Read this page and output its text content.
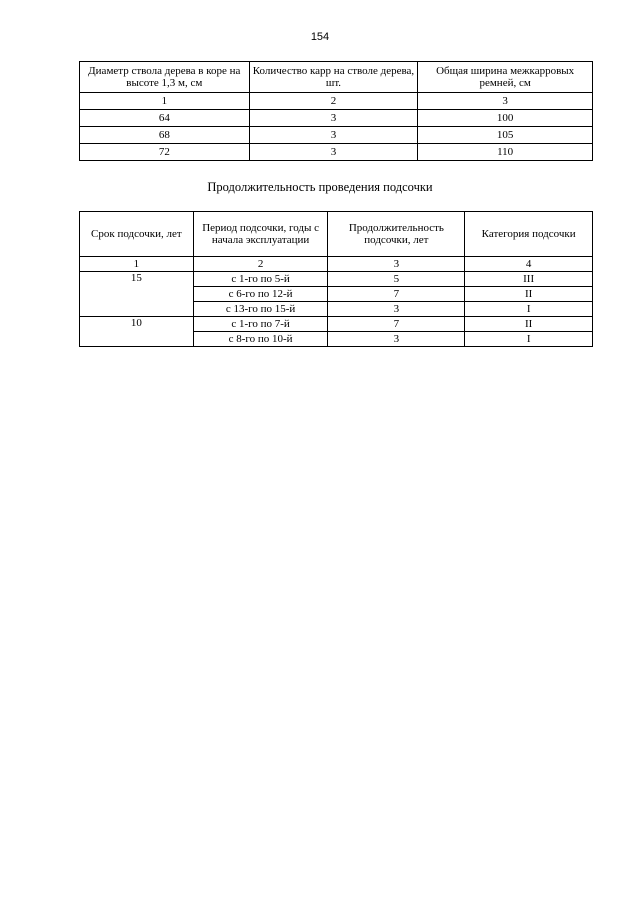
154
Диаметр ствола дерева в коре на высоте 1,3 м, см	Количество карр на стволе дерева, шт.	Общая ширина межкарровых ремней, см
1	2	3
64	3	100
68	3	105
72	3	110
Продолжительность проведения подсочки
Срок подсочки, лет	Период подсочки, годы с начала эксплуатации	Продолжительность подсочки, лет	Категория подсочки
1	2	3	4
15	с 1-го по 5-й	5	III
	с 6-го по 12-й	7	II
	с 13-го по 15-й	3	I
10	с 1-го по 7-й	7	II
	с 8-го по 10-й	3	I
